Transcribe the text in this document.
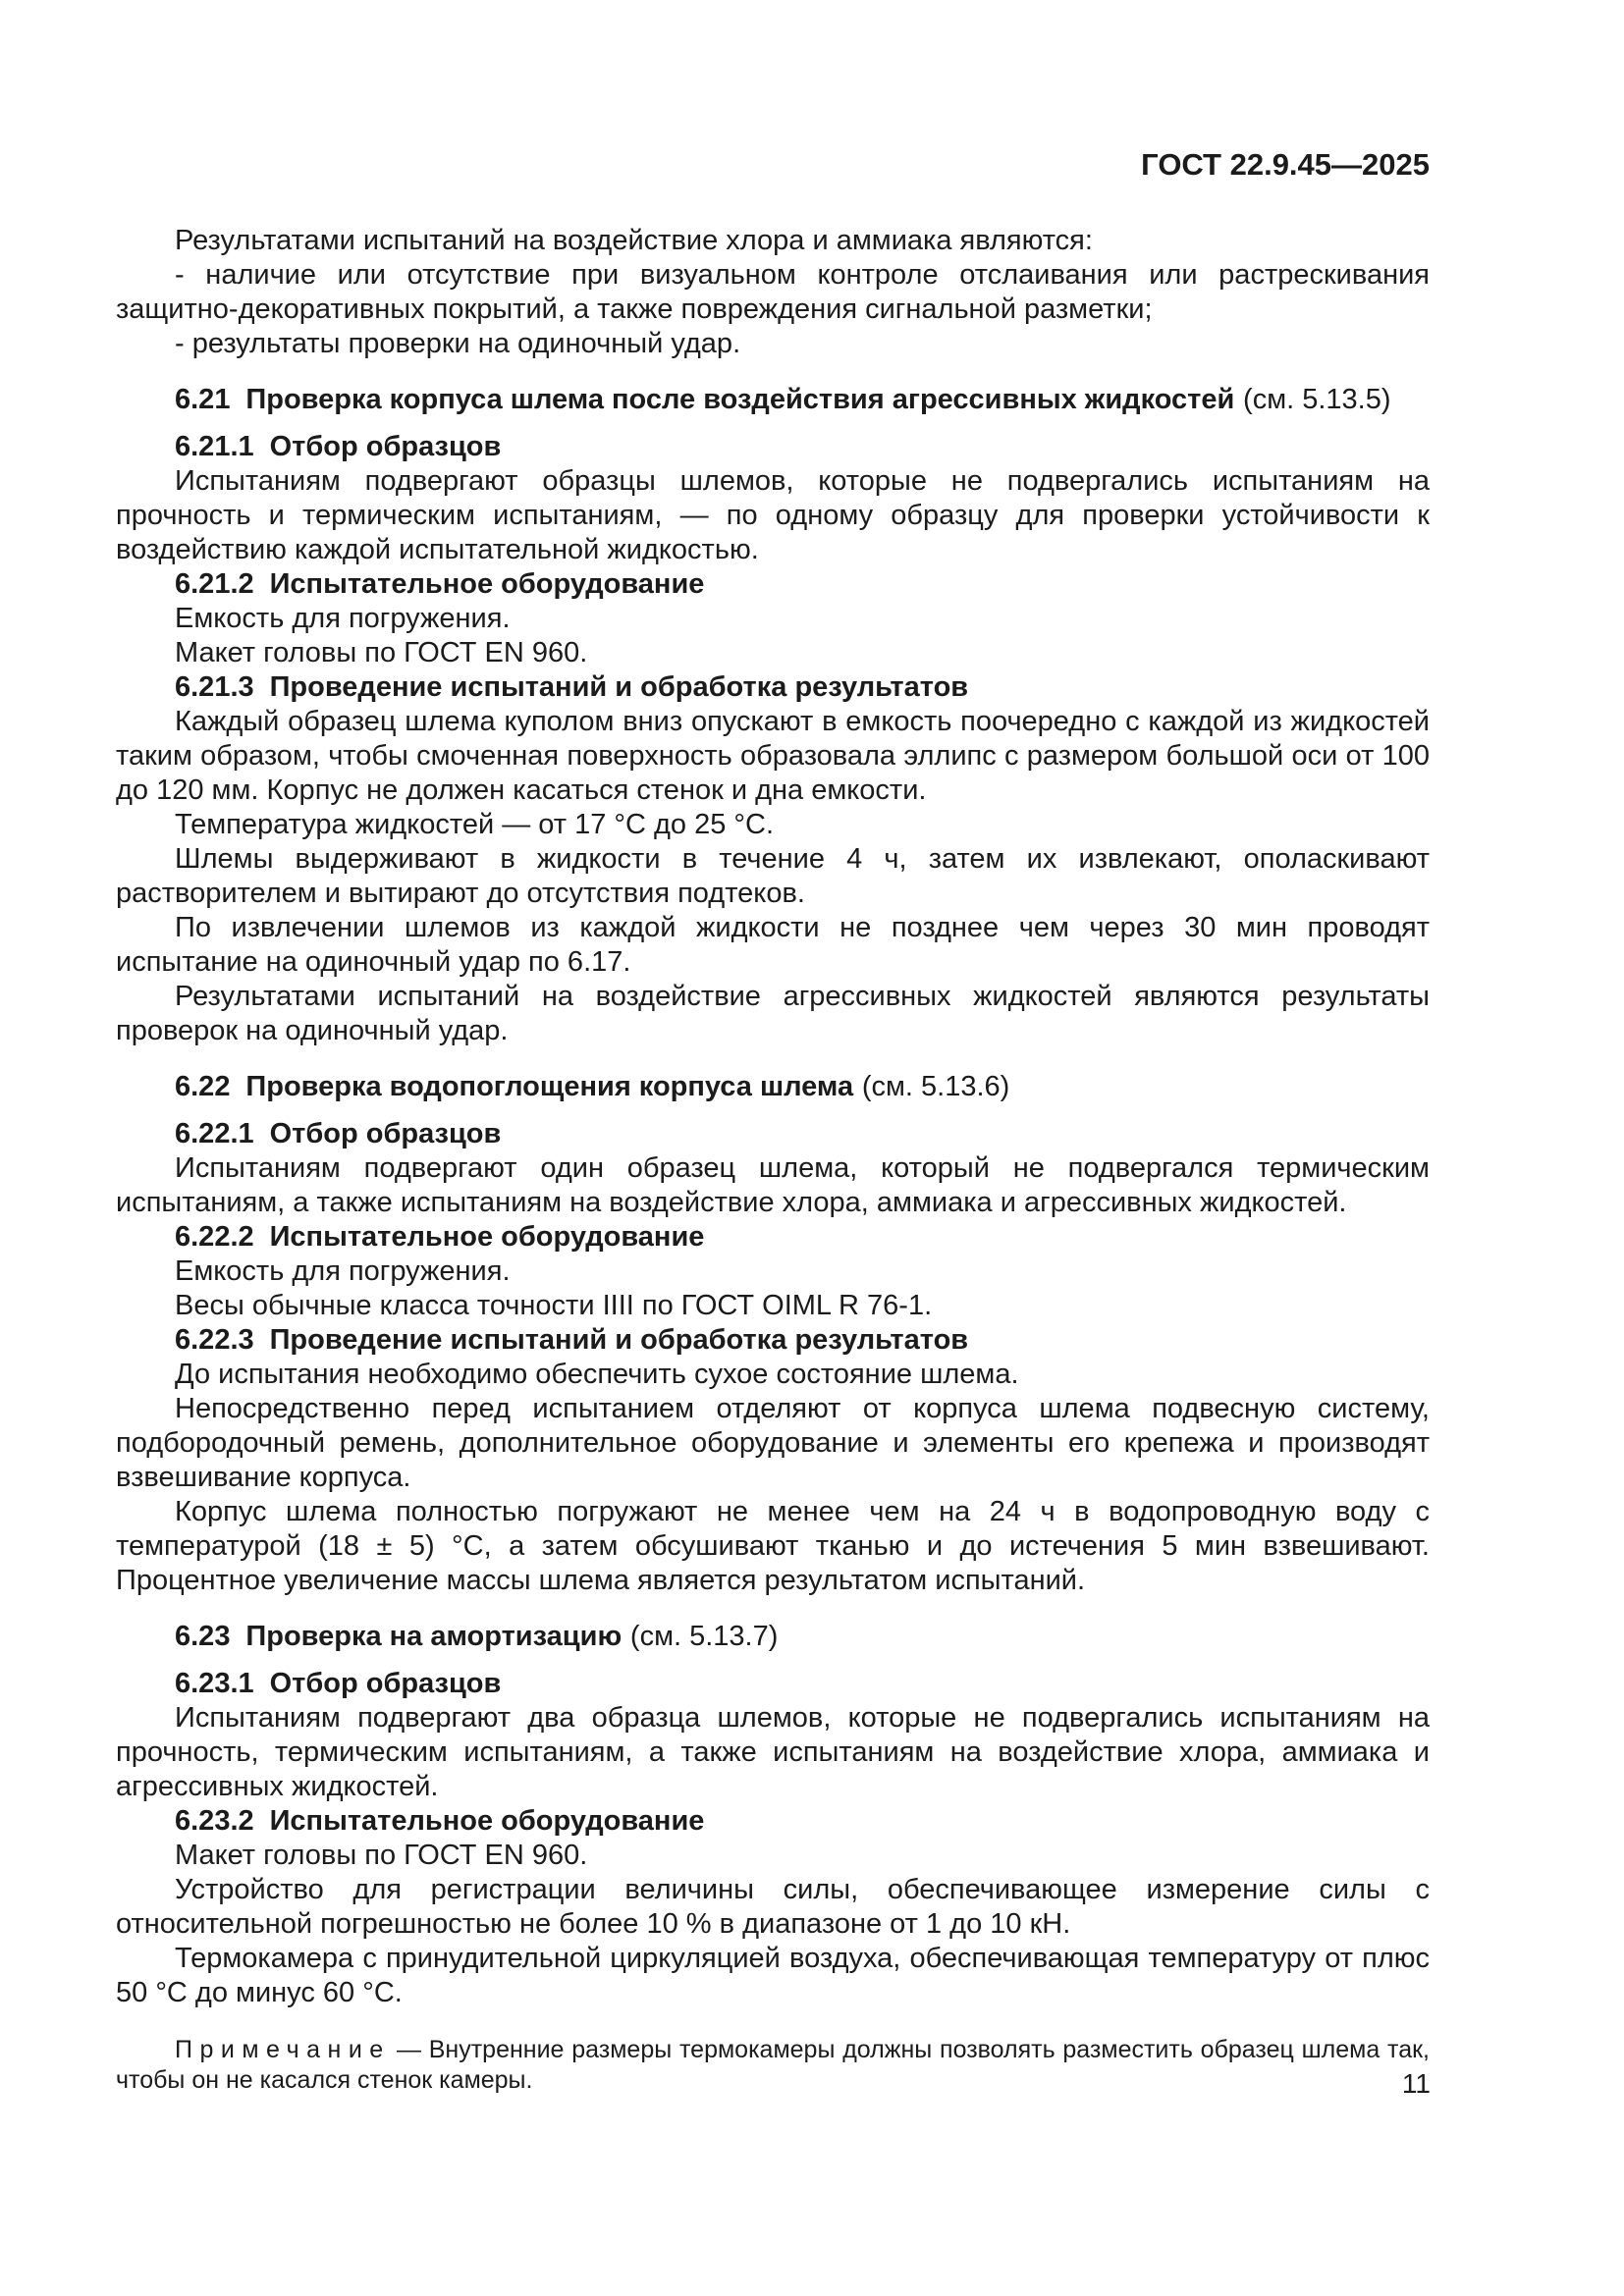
ГОСТ 22.9.45—2025

Результатами испытаний на воздействие хлора и аммиака являются:

- наличие или отсутствие при визуальном контроле отслаивания или растрескивания защитно-декоративных покрытий, а также повреждения сигнальной разметки;

- результаты проверки на одиночный удар.

6.21 Проверка корпуса шлема после воздействия агрессивных жидкостей (см. 5.13.5)

6.21.1 Отбор образцов

Испытаниям подвергают образцы шлемов, которые не подвергались испытаниям на прочность и термическим испытаниям, — по одному образцу для проверки устойчивости к воздействию каждой испытательной жидкостью.

6.21.2 Испытательное оборудование

Емкость для погружения.

Макет головы по ГОСТ EN 960.

6.21.3 Проведение испытаний и обработка результатов

Каждый образец шлема куполом вниз опускают в емкость поочередно с каждой из жидкостей таким образом, чтобы смоченная поверхность образовала эллипс с размером большой оси от 100 до 120 мм. Корпус не должен касаться стенок и дна емкости.

Температура жидкостей — от 17 °C до 25 °C.

Шлемы выдерживают в жидкости в течение 4 ч, затем их извлекают, ополаскивают растворителем и вытирают до отсутствия подтеков.

По извлечении шлемов из каждой жидкости не позднее чем через 30 мин проводят испытание на одиночный удар по 6.17.

Результатами испытаний на воздействие агрессивных жидкостей являются результаты проверок на одиночный удар.

6.22 Проверка водопоглощения корпуса шлема (см. 5.13.6)

6.22.1 Отбор образцов

Испытаниям подвергают один образец шлема, который не подвергался термическим испытаниям, а также испытаниям на воздействие хлора, аммиака и агрессивных жидкостей.

6.22.2 Испытательное оборудование

Емкость для погружения.

Весы обычные класса точности IIII по ГОСТ OIML R 76-1.

6.22.3 Проведение испытаний и обработка результатов

До испытания необходимо обеспечить сухое состояние шлема.

Непосредственно перед испытанием отделяют от корпуса шлема подвесную систему, подбородочный ремень, дополнительное оборудование и элементы его крепежа и производят взвешивание корпуса.

Корпус шлема полностью погружают не менее чем на 24 ч в водопроводную воду с температурой (18 ± 5) °C, а затем обсушивают тканью и до истечения 5 мин взвешивают. Процентное увеличение массы шлема является результатом испытаний.

6.23 Проверка на амортизацию (см. 5.13.7)

6.23.1 Отбор образцов

Испытаниям подвергают два образца шлемов, которые не подвергались испытаниям на прочность, термическим испытаниям, а также испытаниям на воздействие хлора, аммиака и агрессивных жидкостей.

6.23.2 Испытательное оборудование

Макет головы по ГОСТ EN 960.

Устройство для регистрации величины силы, обеспечивающее измерение силы с относительной погрешностью не более 10 % в диапазоне от 1 до 10 кН.

Термокамера с принудительной циркуляцией воздуха, обеспечивающая температуру от плюс 50 °C до минус 60 °C.

Примечание — Внутренние размеры термокамеры должны позволять разместить образец шлема так, чтобы он не касался стенок камеры.	11
